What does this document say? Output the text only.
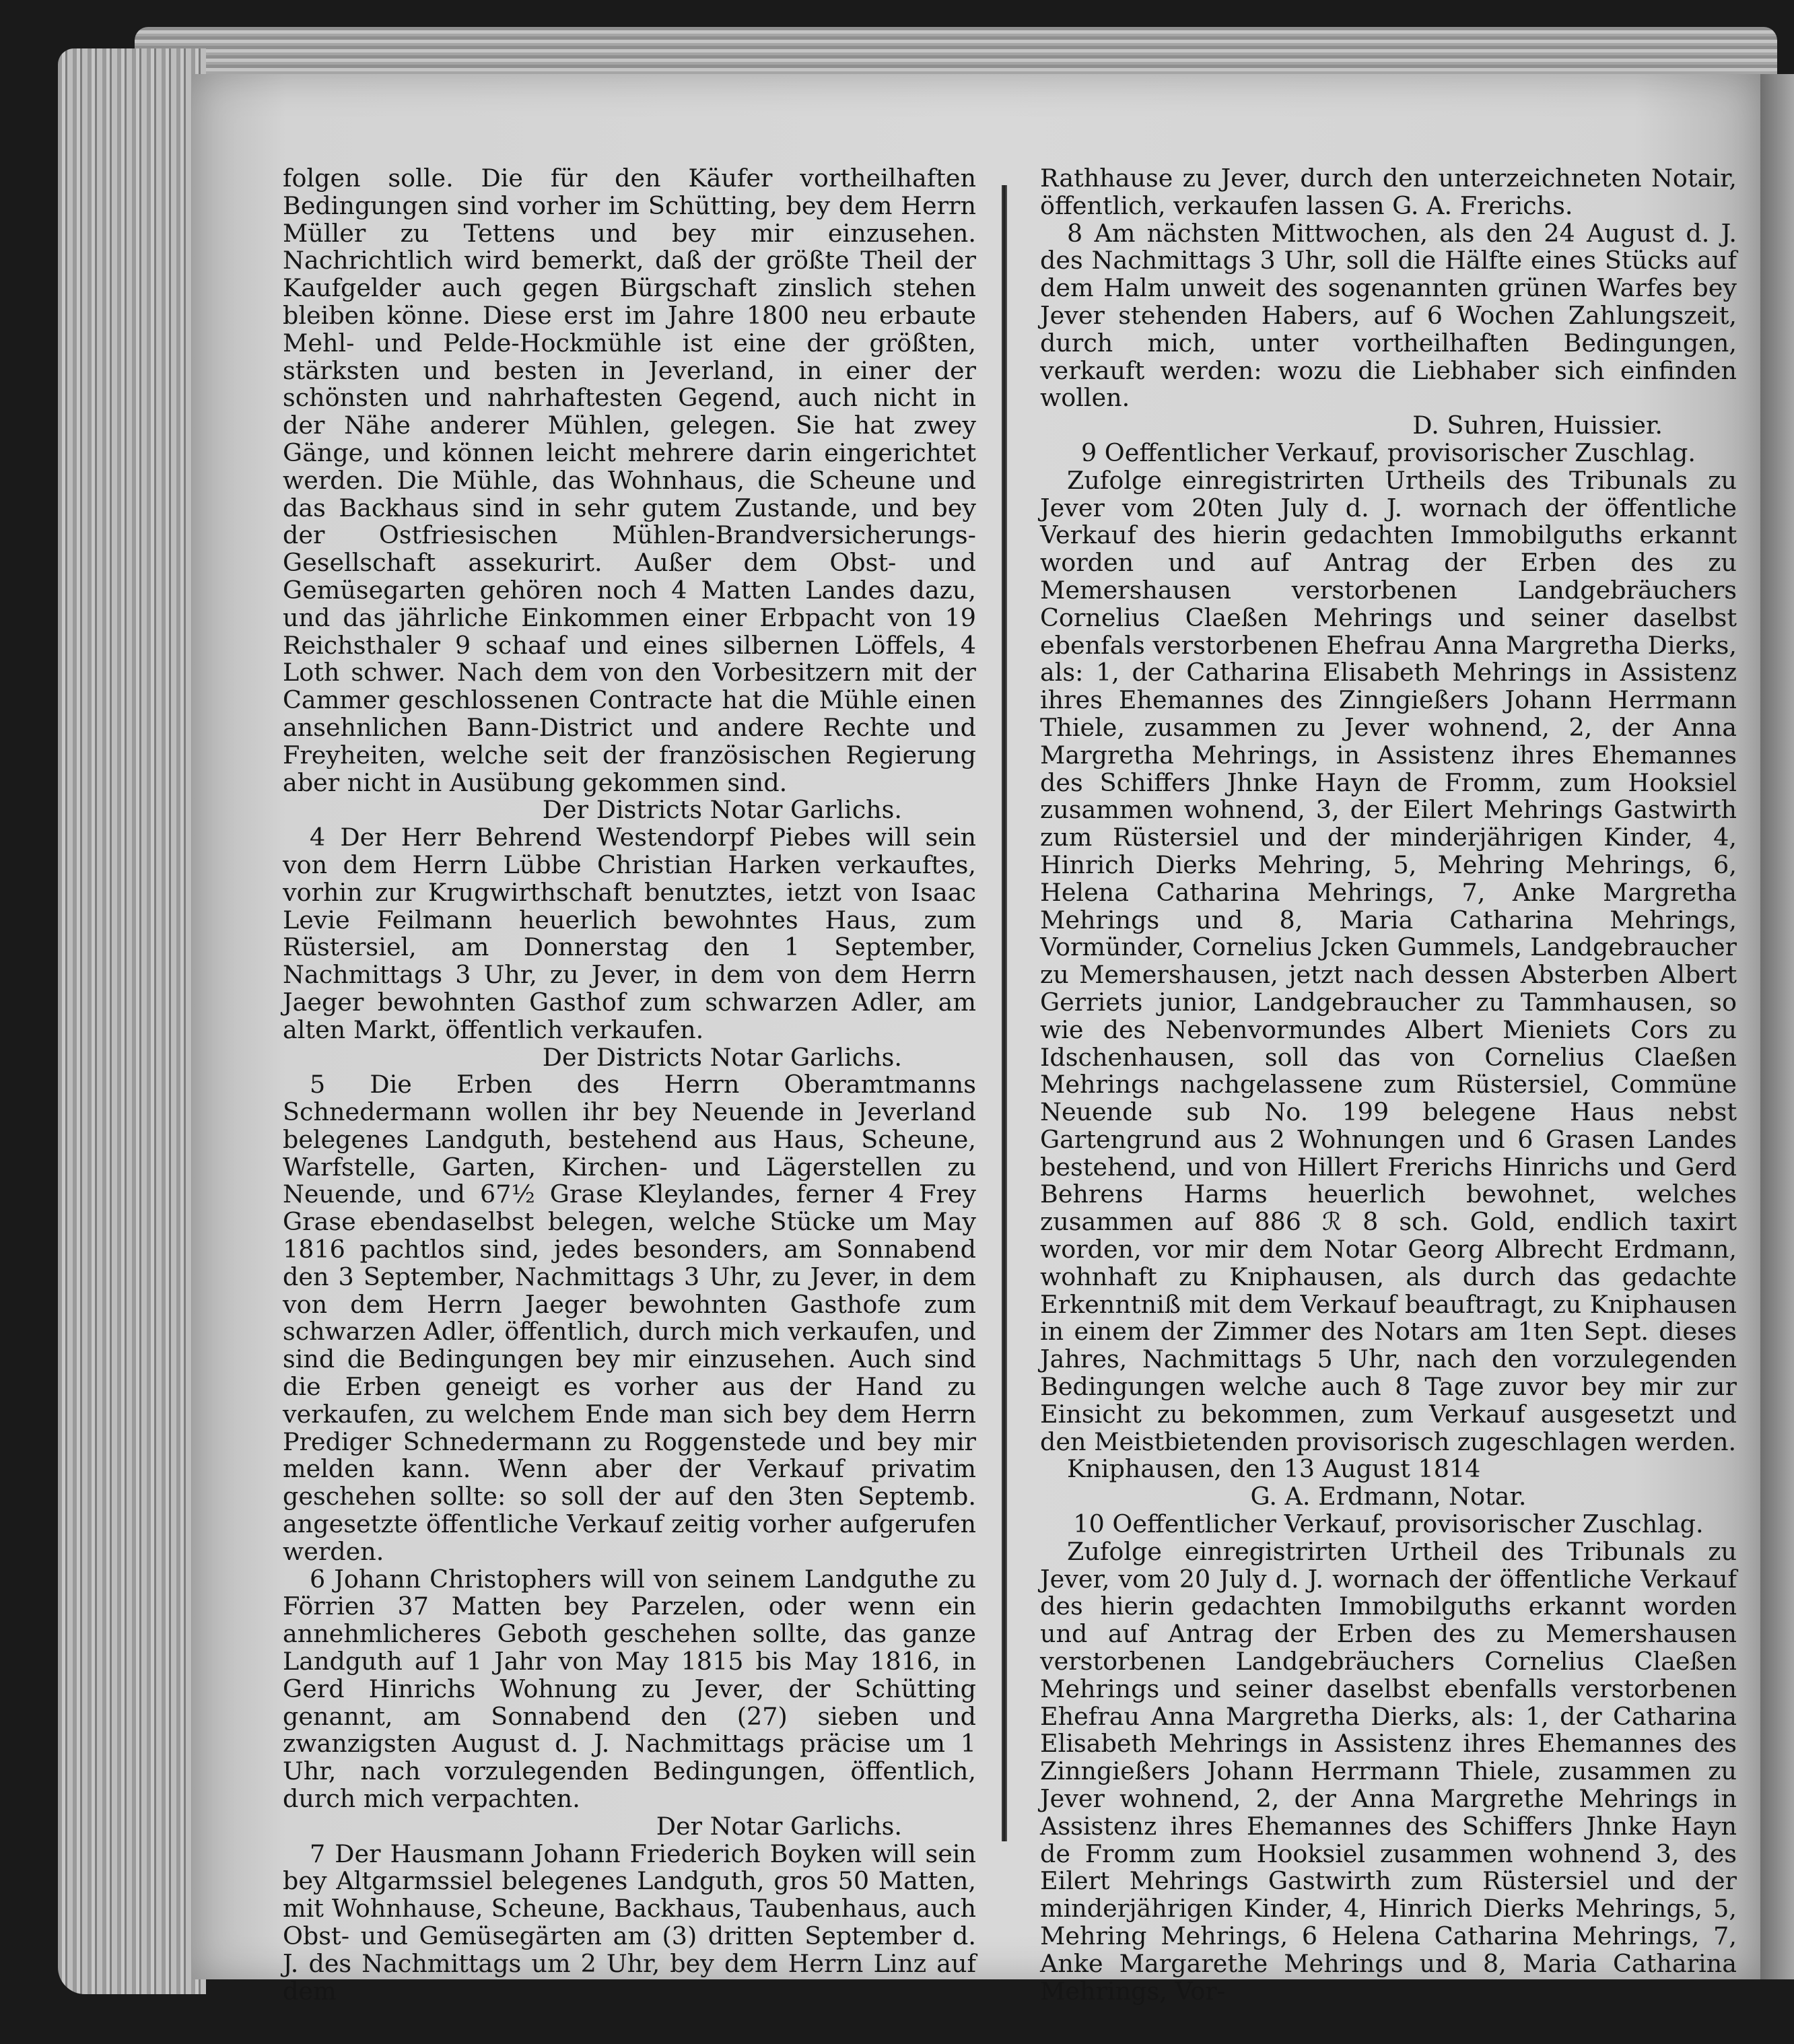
folgen solle. Die für den Käufer vortheilhaften Bedingungen sind vorher im Schütting, bey dem Herrn Müller zu Tettens und bey mir einzusehen. Nachrichtlich wird bemerkt, daß der größte Theil der Kaufgelder auch gegen Bürgschaft zinslich stehen bleiben könne. Diese erst im Jahre 1800 neu erbaute Mehl- und Pelde-Hockmühle ist eine der größten, stärksten und besten in Jeverland, in einer der schönsten und nahrhaftesten Gegend, auch nicht in der Nähe anderer Mühlen, gelegen. Sie hat zwey Gänge, und können leicht mehrere darin eingerichtet werden. Die Mühle, das Wohnhaus, die Scheune und das Backhaus sind in sehr gutem Zustande, und bey der Ostfriesischen Mühlen-Brandversicherungs-Gesellschaft assekurirt. Außer dem Obst- und Gemüsegarten gehören noch 4 Matten Landes dazu, und das jährliche Einkommen einer Erbpacht von 19 Reichsthaler 9 schaaf und eines silbernen Löffels, 4 Loth schwer. Nach dem von den Vorbesitzern mit der Cammer geschlossenen Contracte hat die Mühle einen ansehnlichen Bann-District und andere Rechte und Freyheiten, welche seit der französischen Regierung aber nicht in Ausübung gekommen sind.

Der Districts Notar Garlichs.

4 Der Herr Behrend Westendorpf Piebes will sein von dem Herrn Lübbe Christian Harken verkauftes, vorhin zur Krugwirthschaft benutztes, ietzt von Isaac Levie Feilmann heuerlich bewohntes Haus, zum Rüstersiel, am Donnerstag den 1 September, Nachmittags 3 Uhr, zu Jever, in dem von dem Herrn Jaeger bewohnten Gasthof zum schwarzen Adler, am alten Markt, öffentlich verkaufen.

Der Districts Notar Garlichs.

5 Die Erben des Herrn Oberamtmanns Schnedermann wollen ihr bey Neuende in Jeverland belegenes Landguth, bestehend aus Haus, Scheune, Warfstelle, Garten, Kirchen- und Lägerstellen zu Neuende, und 67½ Grase Kleylandes, ferner 4 Frey Grase ebendaselbst belegen, welche Stücke um May 1816 pachtlos sind, jedes besonders, am Sonnabend den 3 September, Nachmittags 3 Uhr, zu Jever, in dem von dem Herrn Jaeger bewohnten Gasthofe zum schwarzen Adler, öffentlich, durch mich verkaufen, und sind die Bedingungen bey mir einzusehen. Auch sind die Erben geneigt es vorher aus der Hand zu verkaufen, zu welchem Ende man sich bey dem Herrn Prediger Schnedermann zu Roggenstede und bey mir melden kann. Wenn aber der Verkauf privatim geschehen sollte: so soll der auf den 3ten Septemb. angesetzte öffentliche Verkauf zeitig vorher aufgerufen werden.

6 Johann Christophers will von seinem Landguthe zu Förrien 37 Matten bey Parzelen, oder wenn ein annehmlicheres Geboth geschehen sollte, das ganze Landguth auf 1 Jahr von May 1815 bis May 1816, in Gerd Hinrichs Wohnung zu Jever, der Schütting genannt, am Sonnabend den (27) sieben und zwanzigsten August d. J. Nachmittags präcise um 1 Uhr, nach vorzulegenden Bedingungen, öffentlich, durch mich verpachten.

Der Notar Garlichs.

7 Der Hausmann Johann Friederich Boyken will sein bey Altgarmssiel belegenes Landguth, gros 50 Matten, mit Wohnhause, Scheune, Backhaus, Taubenhaus, auch Obst- und Gemüsegärten am (3) dritten September d. J. des Nachmittags um 2 Uhr, bey dem Herrn Linz auf dem

Rathhause zu Jever, durch den unterzeichneten Notair, öffentlich, verkaufen lassen G. A. Frerichs.

8 Am nächsten Mittwochen, als den 24 August d. J. des Nachmittags 3 Uhr, soll die Hälfte eines Stücks auf dem Halm unweit des sogenannten grünen Warfes bey Jever stehenden Habers, auf 6 Wochen Zahlungszeit, durch mich, unter vortheilhaften Bedingungen, verkauft werden: wozu die Liebhaber sich einfinden wollen.

D. Suhren, Huissier.

9 Oeffentlicher Verkauf, provisorischer Zuschlag.

Zufolge einregistrirten Urtheils des Tribunals zu Jever vom 20ten July d. J. wornach der öffentliche Verkauf des hierin gedachten Immobilguths erkannt worden und auf Antrag der Erben des zu Memershausen verstorbenen Landgebräuchers Cornelius Claeßen Mehrings und seiner daselbst ebenfals verstorbenen Ehefrau Anna Margretha Dierks, als: 1, der Catharina Elisabeth Mehrings in Assistenz ihres Ehemannes des Zinngießers Johann Herrmann Thiele, zusammen zu Jever wohnend, 2, der Anna Margretha Mehrings, in Assistenz ihres Ehemannes des Schiffers Jhnke Hayn de Fromm, zum Hooksiel zusammen wohnend, 3, der Eilert Mehrings Gastwirth zum Rüstersiel und der minderjährigen Kinder, 4, Hinrich Dierks Mehring, 5, Mehring Mehrings, 6, Helena Catharina Mehrings, 7, Anke Margretha Mehrings und 8, Maria Catharina Mehrings, Vormünder, Cornelius Jcken Gummels, Landgebraucher zu Memershausen, jetzt nach dessen Absterben Albert Gerriets junior, Landgebraucher zu Tammhausen, so wie des Nebenvormundes Albert Mieniets Cors zu Idschenhausen, soll das von Cornelius Claeßen Mehrings nachgelassene zum Rüstersiel, Commüne Neuende sub No. 199 belegene Haus nebst Gartengrund aus 2 Wohnungen und 6 Grasen Landes bestehend, und von Hillert Frerichs Hinrichs und Gerd Behrens Harms heuerlich bewohnet, welches zusammen auf 886 ℛ 8 sch. Gold, endlich taxirt worden, vor mir dem Notar Georg Albrecht Erdmann, wohnhaft zu Kniphausen, als durch das gedachte Erkenntniß mit dem Verkauf beauftragt, zu Kniphausen in einem der Zimmer des Notars am 1ten Sept. dieses Jahres, Nachmittags 5 Uhr, nach den vorzulegenden Bedingungen welche auch 8 Tage zuvor bey mir zur Einsicht zu bekommen, zum Verkauf ausgesetzt und den Meistbietenden provisorisch zugeschlagen werden.

Kniphausen, den 13 August 1814

G. A. Erdmann, Notar.

10 Oeffentlicher Verkauf, provisorischer Zuschlag.

Zufolge einregistrirten Urtheil des Tribunals zu Jever, vom 20 July d. J. wornach der öffentliche Verkauf des hierin gedachten Immobilguths erkannt worden und auf Antrag der Erben des zu Memershausen verstorbenen Landgebräuchers Cornelius Claeßen Mehrings und seiner daselbst ebenfalls verstorbenen Ehefrau Anna Margretha Dierks, als: 1, der Catharina Elisabeth Mehrings in Assistenz ihres Ehemannes des Zinngießers Johann Herrmann Thiele, zusammen zu Jever wohnend, 2, der Anna Margrethe Mehrings in Assistenz ihres Ehemannes des Schiffers Jhnke Hayn de Fromm zum Hooksiel zusammen wohnend 3, des Eilert Mehrings Gastwirth zum Rüstersiel und der minderjährigen Kinder, 4, Hinrich Dierks Mehrings, 5, Mehring Mehrings, 6 Helena Catharina Mehrings, 7, Anke Margarethe Mehrings und 8, Maria Catharina Mehrings, Vor-
